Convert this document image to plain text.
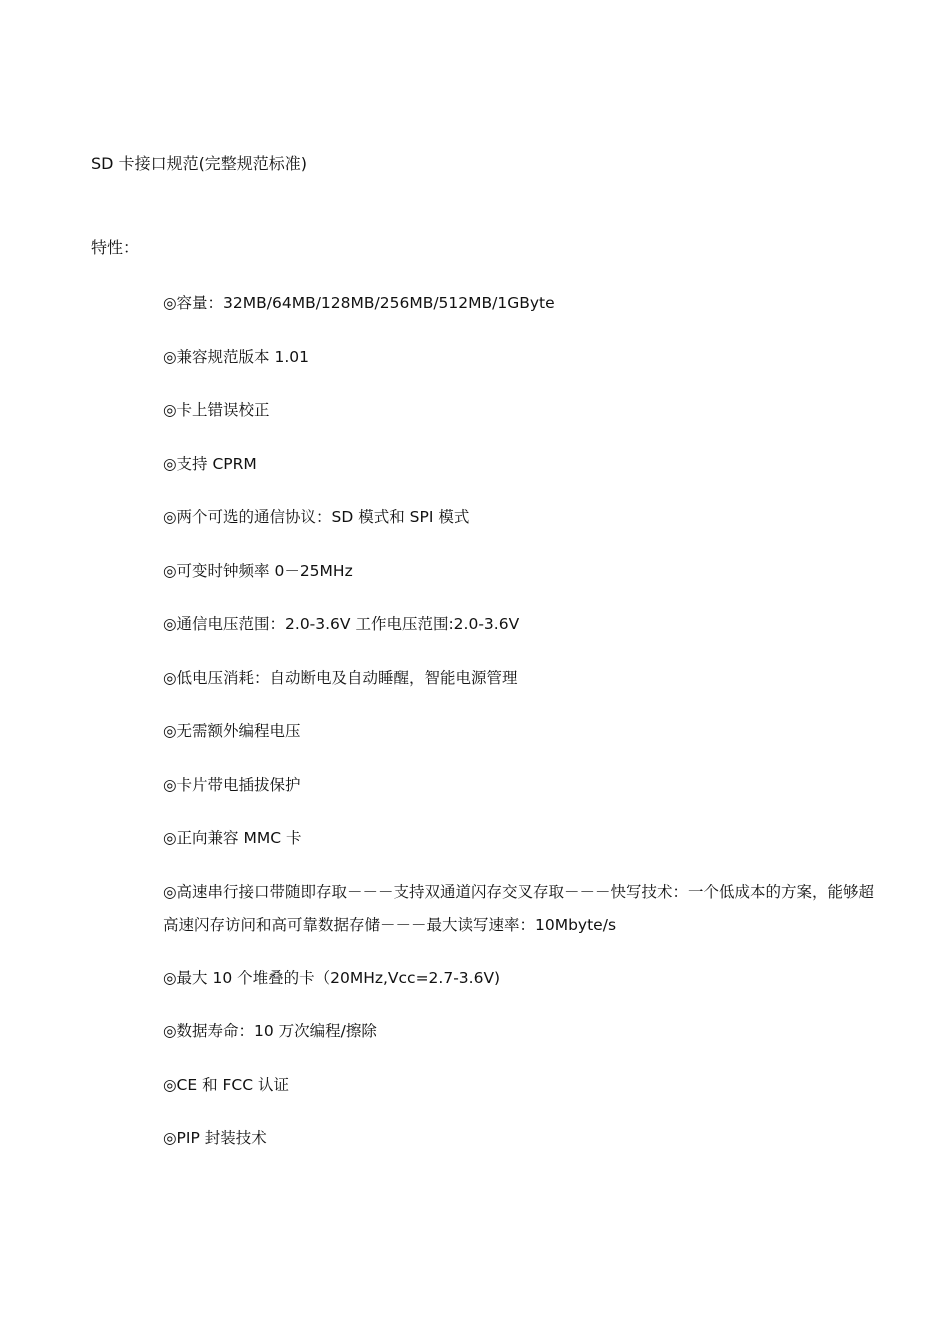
SD 卡接口规范(完整规范标准)
特性：
◎容量：32MB/64MB/128MB/256MB/512MB/1GByte
◎兼容规范版本 1.01
◎卡上错误校正
◎支持 CPRM
◎两个可选的通信协议：SD 模式和 SPI 模式
◎可变时钟频率 0－25MHz
◎通信电压范围：2.0-3.6V 工作电压范围:2.0-3.6V
◎低电压消耗：自动断电及自动睡醒，智能电源管理
◎无需额外编程电压
◎卡片带电插拔保护
◎正向兼容 MMC 卡
◎高速串行接口带随即存取－－－支持双通道闪存交叉存取－－－快写技术：一个低成本的方案，能够超高速闪存访问和高可靠数据存储－－－最大读写速率：10Mbyte/s
◎最大 10 个堆叠的卡（20MHz,Vcc=2.7-3.6V)
◎数据寿命：10 万次编程/擦除
◎CE 和 FCC 认证
◎PIP 封装技术
